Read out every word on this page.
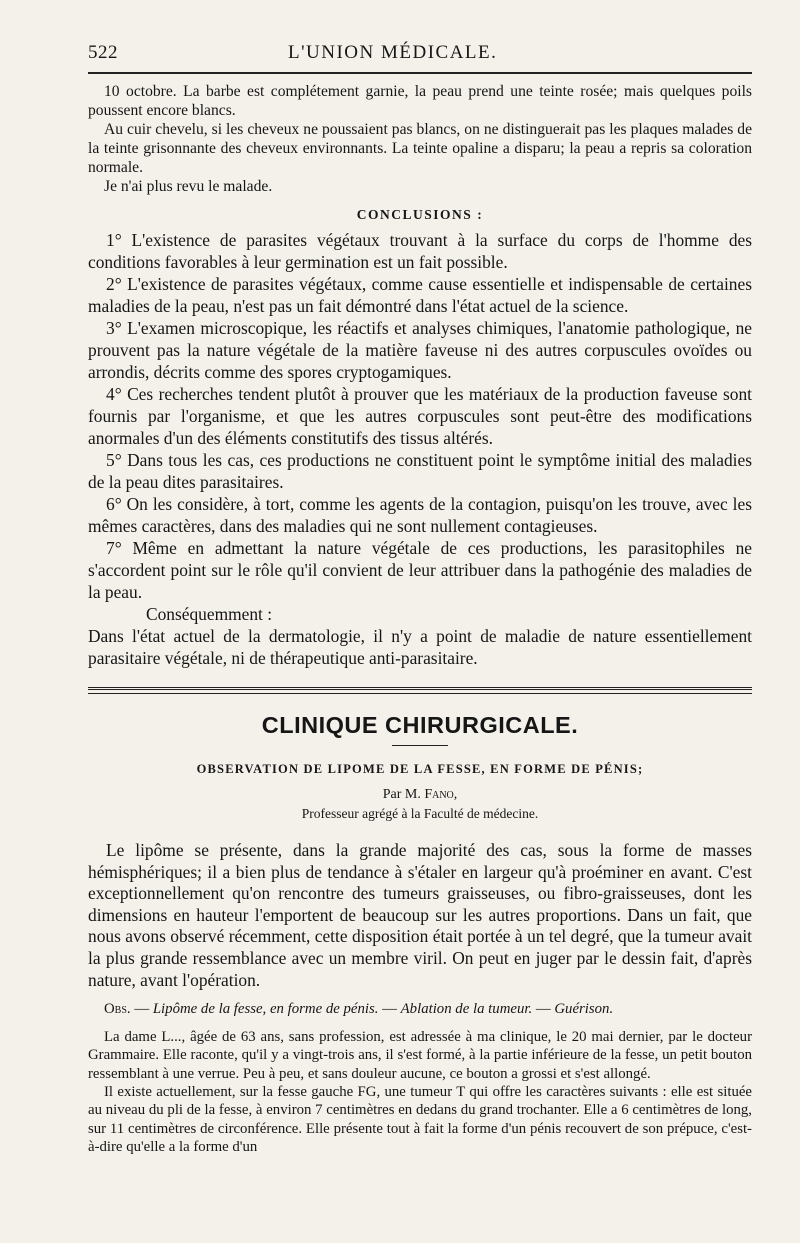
522	L'UNION MÉDICALE.

10 octobre. La barbe est complétement garnie, la peau prend une teinte rosée; mais quelques poils poussent encore blancs.

Au cuir chevelu, si les cheveux ne poussaient pas blancs, on ne distinguerait pas les plaques malades de la teinte grisonnante des cheveux environnants. La teinte opaline a disparu; la peau a repris sa coloration normale.

Je n'ai plus revu le malade.

CONCLUSIONS :

1° L'existence de parasites végétaux trouvant à la surface du corps de l'homme des conditions favorables à leur germination est un fait possible.

2° L'existence de parasites végétaux, comme cause essentielle et indispensable de certaines maladies de la peau, n'est pas un fait démontré dans l'état actuel de la science.

3° L'examen microscopique, les réactifs et analyses chimiques, l'anatomie pathologique, ne prouvent pas la nature végétale de la matière faveuse ni des autres corpuscules ovoïdes ou arrondis, décrits comme des spores cryptogamiques.

4° Ces recherches tendent plutôt à prouver que les matériaux de la production faveuse sont fournis par l'organisme, et que les autres corpuscules sont peut-être des modifications anormales d'un des éléments constitutifs des tissus altérés.

5° Dans tous les cas, ces productions ne constituent point le symptôme initial des maladies de la peau dites parasitaires.

6° On les considère, à tort, comme les agents de la contagion, puisqu'on les trouve, avec les mêmes caractères, dans des maladies qui ne sont nullement contagieuses.

7° Même en admettant la nature végétale de ces productions, les parasitophiles ne s'accordent point sur le rôle qu'il convient de leur attribuer dans la pathogénie des maladies de la peau.

Conséquemment :

Dans l'état actuel de la dermatologie, il n'y a point de maladie de nature essentiellement parasitaire végétale, ni de thérapeutique anti-parasitaire.

CLINIQUE CHIRURGICALE.
OBSERVATION DE LIPOME DE LA FESSE, EN FORME DE PÉNIS;
Par M. Fano,
Professeur agrégé à la Faculté de médecine.

Le lipôme se présente, dans la grande majorité des cas, sous la forme de masses hémisphériques; il a bien plus de tendance à s'étaler en largeur qu'à proéminer en avant. C'est exceptionnellement qu'on rencontre des tumeurs graisseuses, ou fibro-graisseuses, dont les dimensions en hauteur l'emportent de beaucoup sur les autres proportions. Dans un fait, que nous avons observé récemment, cette disposition était portée à un tel degré, que la tumeur avait la plus grande ressemblance avec un membre viril. On peut en juger par le dessin fait, d'après nature, avant l'opération.

Obs. — Lipôme de la fesse, en forme de pénis. — Ablation de la tumeur. — Guérison.

La dame L..., âgée de 63 ans, sans profession, est adressée à ma clinique, le 20 mai dernier, par le docteur Grammaire. Elle raconte, qu'il y a vingt-trois ans, il s'est formé, à la partie inférieure de la fesse, un petit bouton ressemblant à une verrue. Peu à peu, et sans douleur aucune, ce bouton a grossi et s'est allongé.

Il existe actuellement, sur la fesse gauche FG, une tumeur T qui offre les caractères suivants : elle est située au niveau du pli de la fesse, à environ 7 centimètres en dedans du grand trochanter. Elle a 6 centimètres de long, sur 11 centimètres de circonférence. Elle présente tout à fait la forme d'un pénis recouvert de son prépuce, c'est-à-dire qu'elle a la forme d'un
